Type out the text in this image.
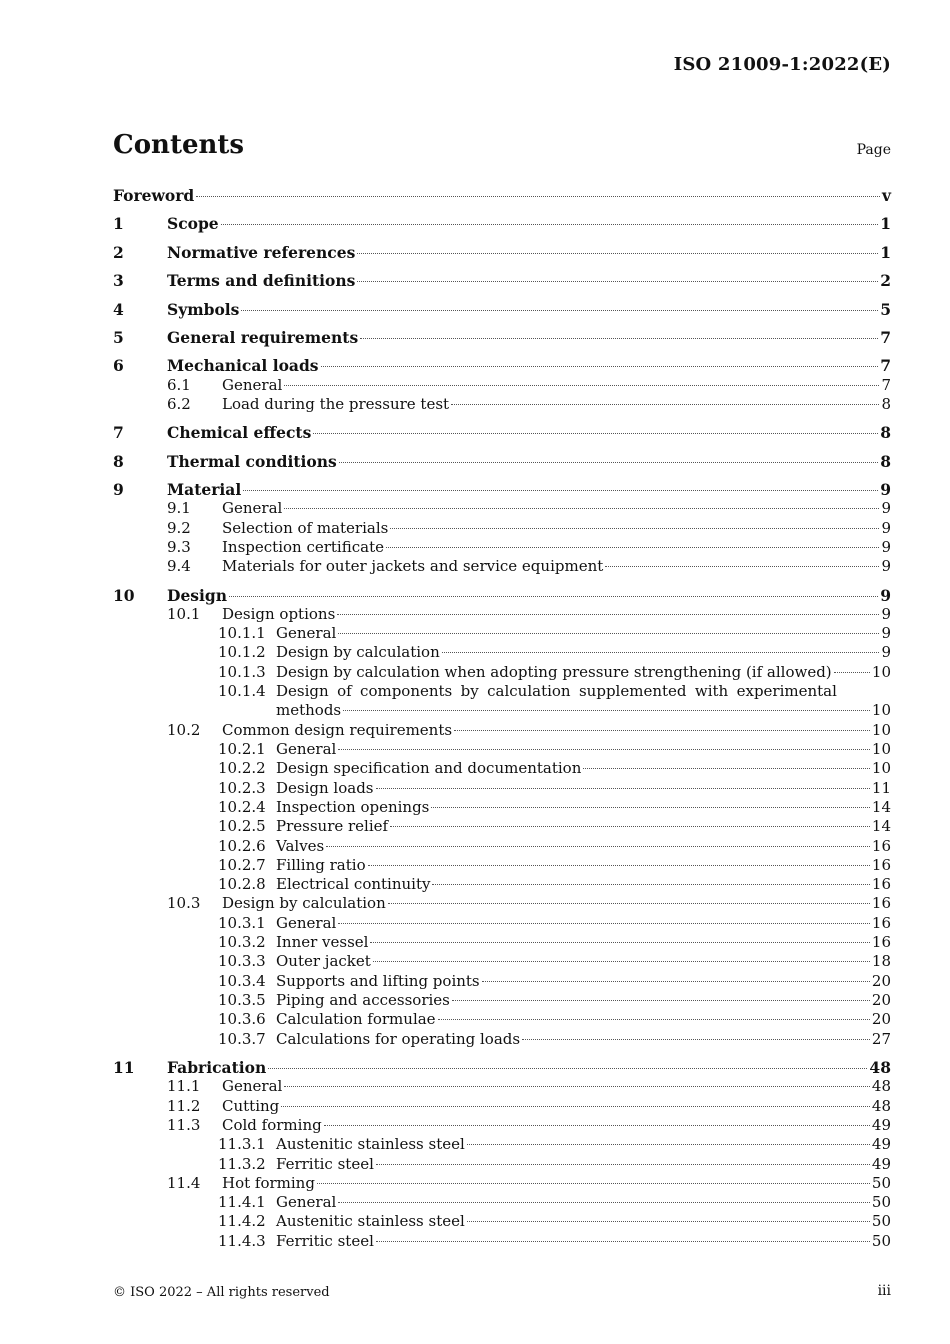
ISO 21009-1:2022(E)
Contents	Page
Foreword	v
1	Scope	1
2	Normative references	1
3	Terms and definitions	2
4	Symbols	5
5	General requirements	7
6	Mechanical loads	7
6.1 General	7
6.2 Load during the pressure test	8
7	Chemical effects	8
8	Thermal conditions	8
9	Material	9
9.1 General	9
9.2 Selection of materials	9
9.3 Inspection certificate	9
9.4 Materials for outer jackets and service equipment	9
10 Design	9
10.1 Design options	9
10.1.1 General	9
10.1.2 Design by calculation	9
10.1.3 Design by calculation when adopting pressure strengthening (if allowed)	10
10.1.4 Design of components by calculation supplemented with experimental
methods	10
10.2 Common design requirements	10
10.2.1 General	10
10.2.2 Design specification and documentation	10
10.2.3 Design loads	11
10.2.4 Inspection openings	14
10.2.5 Pressure relief	14
10.2.6 Valves	16
10.2.7 Filling ratio	16
10.2.8 Electrical continuity	16
10.3 Design by calculation	16
10.3.1 General	16
10.3.2 Inner vessel	16
10.3.3 Outer jacket	18
10.3.4 Supports and lifting points	20
10.3.5 Piping and accessories	20
10.3.6 Calculation formulae	20
10.3.7 Calculations for operating loads	27
11 Fabrication	48
11.1 General	48
11.2 Cutting	48
11.3 Cold forming	49
11.3.1 Austenitic stainless steel	49
11.3.2 Ferritic steel	49
11.4 Hot forming	50
11.4.1 General	50
11.4.2 Austenitic stainless steel	50
11.4.3 Ferritic steel	50
© ISO 2022 – All rights reserved	iii
